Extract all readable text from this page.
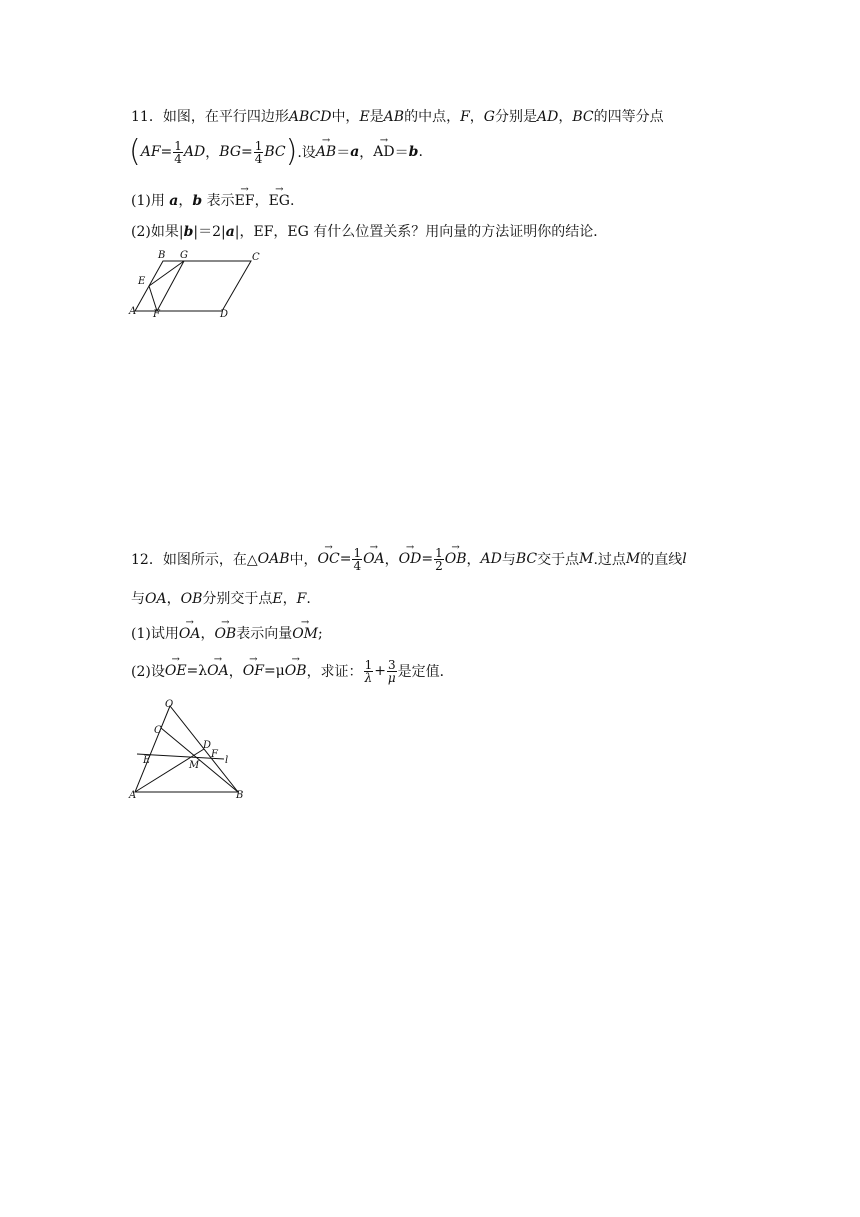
11．如图，在平行四边形ABCD中，E是AB的中点，F，G分别是AD，BC的四等分点
( AF = $\frac{1}{4}$ AD ， BG = $\frac{1}{4}$ BC ) .设 → AB ＝ a ， → AD ＝ b .
(1)用 a，b 表示→ EF，→ EG.
(2)如果|b|＝2|a|，EF，EG 有什么位置关系？用向量的方法证明你的结论．
B G	C
E
A F	D
12． 如图所示，在△ OAB 中， → OC = $\frac{1}{4}$ → OA ， → OD = $\frac{1}{2}$ → OB ， AD 与 BC 交于点 M .过点 M 的直线 l
与OA，OB分别交于点E，F.
(1)试用→ OA，→ OB表示向量→ OM;
(2)设 → OE =λ → OA ， → OF =μ → OB ，求证： $\frac{1}{\lambda} + \frac{3}{\mu}$ 是定值．
O
C
D
F
l
E	M
A	B
